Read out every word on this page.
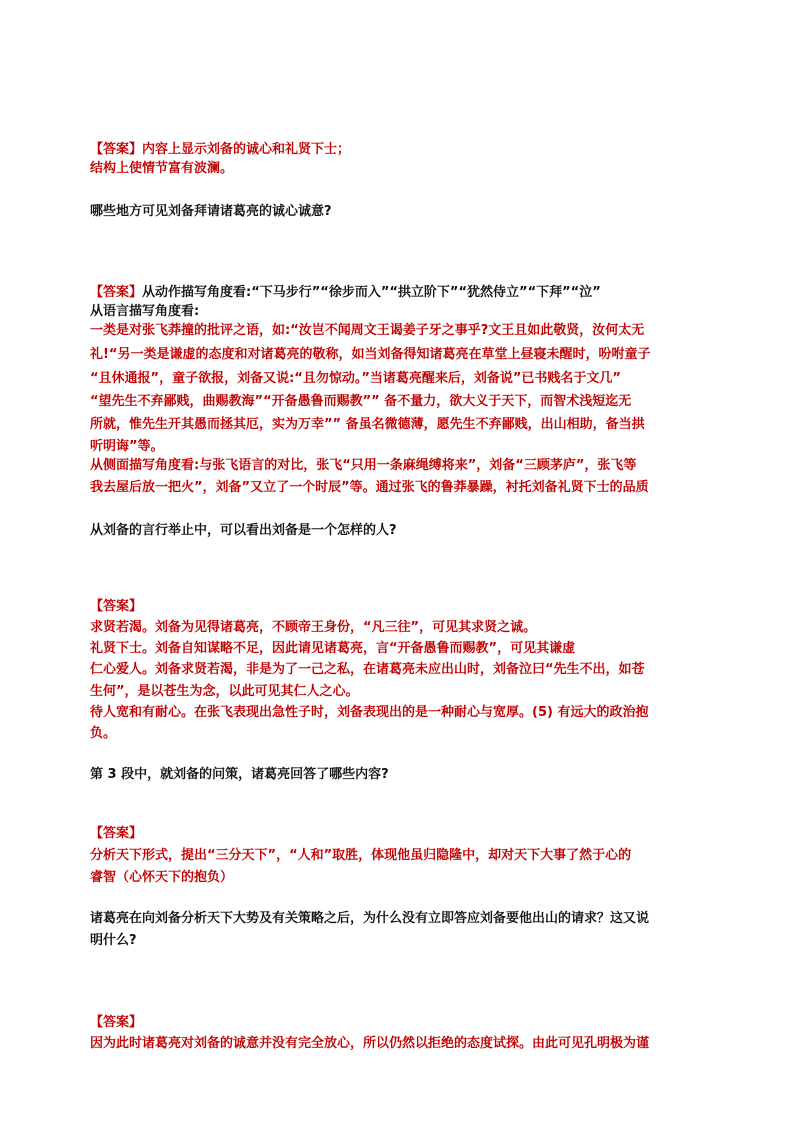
【答案】内容上显示刘备的诚心和礼贤下士；
结构上使情节富有波澜。
哪些地方可见刘备拜请诸葛亮的诚心诚意?
【答案】从动作描写角度看:“下马步行”“徐步而入”“拱立阶下”“犹然侍立”“下拜”“泣”
从语言描写角度看:
一类是对张飞莽撞的批评之语，如:“汝岂不闻周文王谒姜子牙之事乎?文王且如此敬贤，汝何太无
礼!“另一类是谦虚的态度和对诸葛亮的敬称，如当刘备得知诸葛亮在草堂上昼寝未醒时，吩咐童子
“且休通报”，童子欲报，刘备又说:“且勿惊动。”当诸葛亮醒来后，刘备说”已书贱名于文几”
“望先生不弃鄙贱，曲赐教海”“开备愚鲁而赐教”” 备不量力，欲大义于天下，而智术浅短迄无
所就，惟先生开其愚而拯其厄，实为万幸”” 备虽名微德薄，愿先生不弃鄙贱，出山相助，备当拱
听明诲”等。
从侧面描写角度看:与张飞语言的对比，张飞“只用一条麻绳缚将来”，刘备“三顾茅庐”，张飞等
我去屋后放一把火”，刘备”又立了一个时辰”等。通过张飞的鲁莽暴躁，衬托刘备礼贤下士的品质
从刘备的言行举止中，可以看出刘备是一个怎样的人?
【答案】
求贤若渴。刘备为见得诸葛亮，不顾帝王身份，“凡三往”，可见其求贤之诚。
礼贤下士。刘备自知谋略不足，因此请见诸葛亮，言“开备愚鲁而赐教”，可见其谦虚
仁心爱人。刘备求贤若渴，非是为了一己之私，在诸葛亮未应出山时，刘备泣曰“先生不出，如苍
生何”，是以苍生为念，以此可见其仁人之心。
待人宽和有耐心。在张飞表现出急性子时，刘备表现出的是一种耐心与宽厚。(5) 有远大的政治抱
负。
第 3 段中，就刘备的问策，诸葛亮回答了哪些内容?
【答案】
分析天下形式，提出“三分天下”，“人和”取胜，体现他虽归隐隆中，却对天下大事了然于心的
睿智（心怀天下的抱负）
诸葛亮在向刘备分析天下大势及有关策略之后，为什么没有立即答应刘备要他出山的请求？这又说
明什么?
【答案】
因为此时诸葛亮对刘备的诚意并没有完全放心，所以仍然以拒绝的态度试探。由此可见孔明极为谨
